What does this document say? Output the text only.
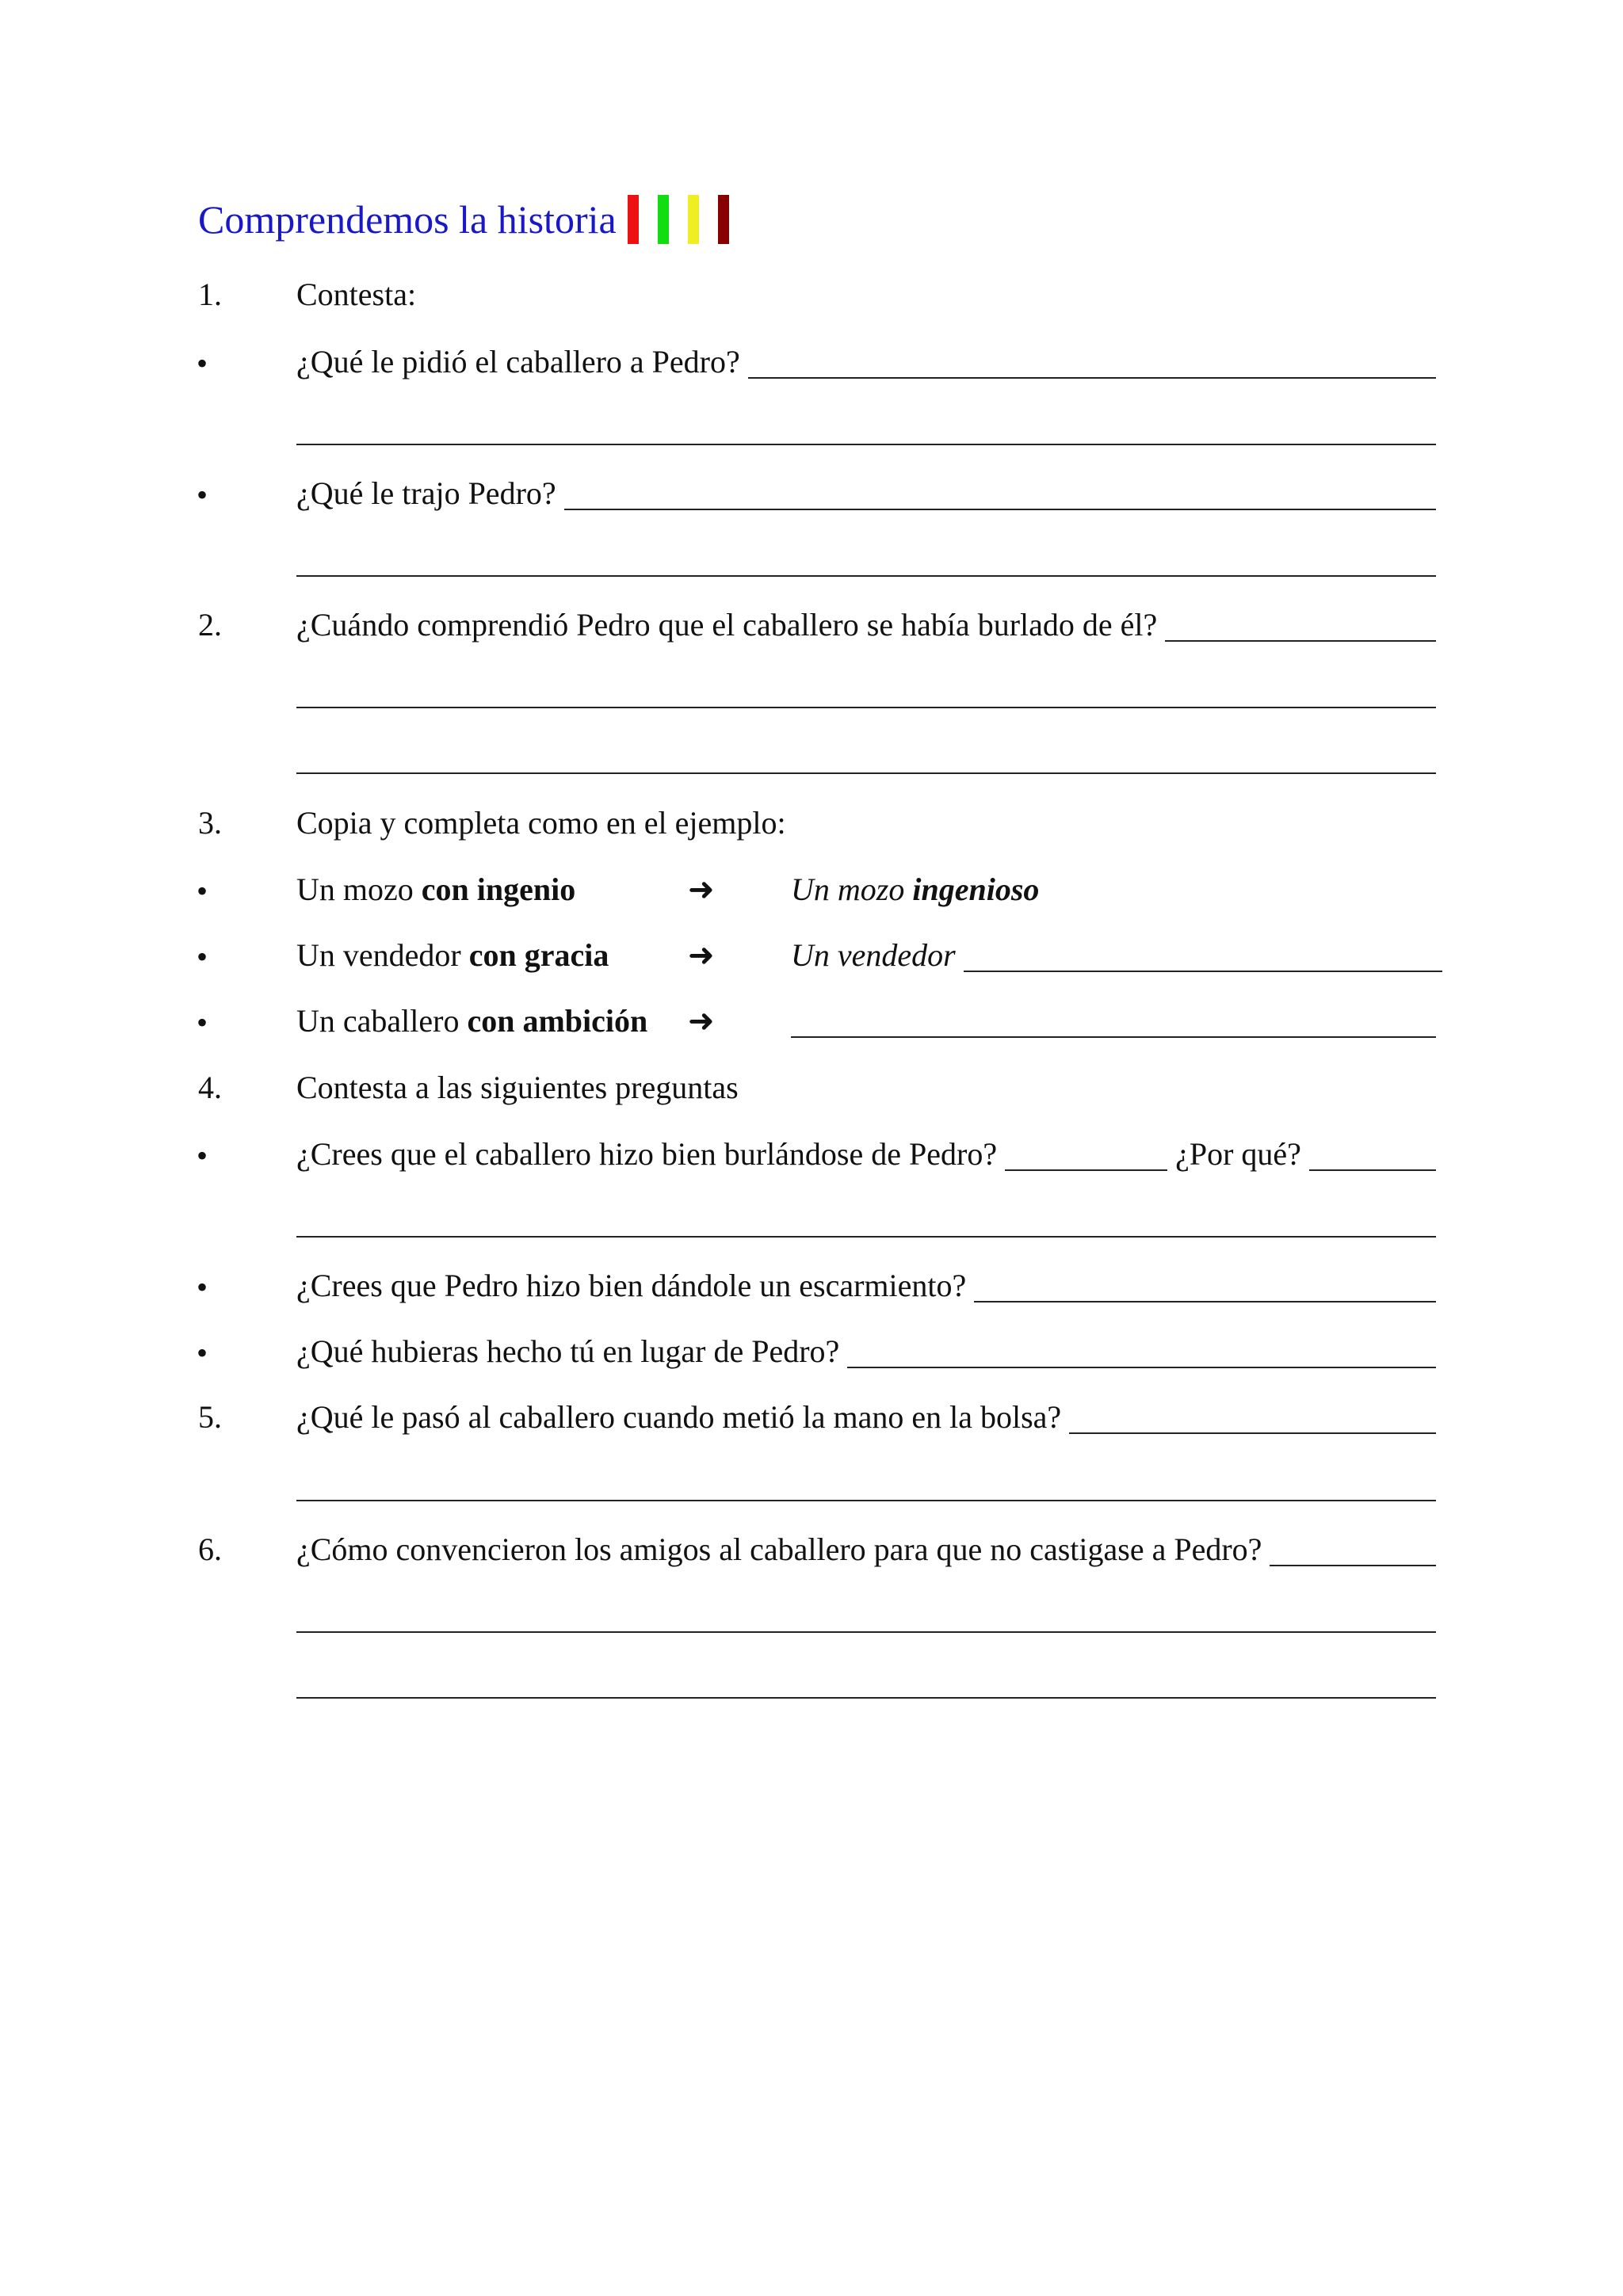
Comprendemos la historia
1. Contesta:
•	¿Qué le pidió el caballero a Pedro?
•	¿Qué le trajo Pedro?
2. ¿Cuándo comprendió Pedro que el caballero se había burlado de él?
3. Copia y completa como en el ejemplo:
•	Un mozo con ingenio	➜ Un mozo ingenioso
•	Un vendedor con gracia ➜ Un vendedor
•	Un caballero con ambición ➜
4. Contesta a las siguientes preguntas
•	¿Crees que el caballero hizo bien burlándose de Pedro?	¿Por qué?
•	¿Crees que Pedro hizo bien dándole un escarmiento?
•	¿Qué hubieras hecho tú en lugar de Pedro?
5. ¿Qué le pasó al caballero cuando metió la mano en la bolsa?
6. ¿Cómo convencieron los amigos al caballero para que no castigase a Pedro?
